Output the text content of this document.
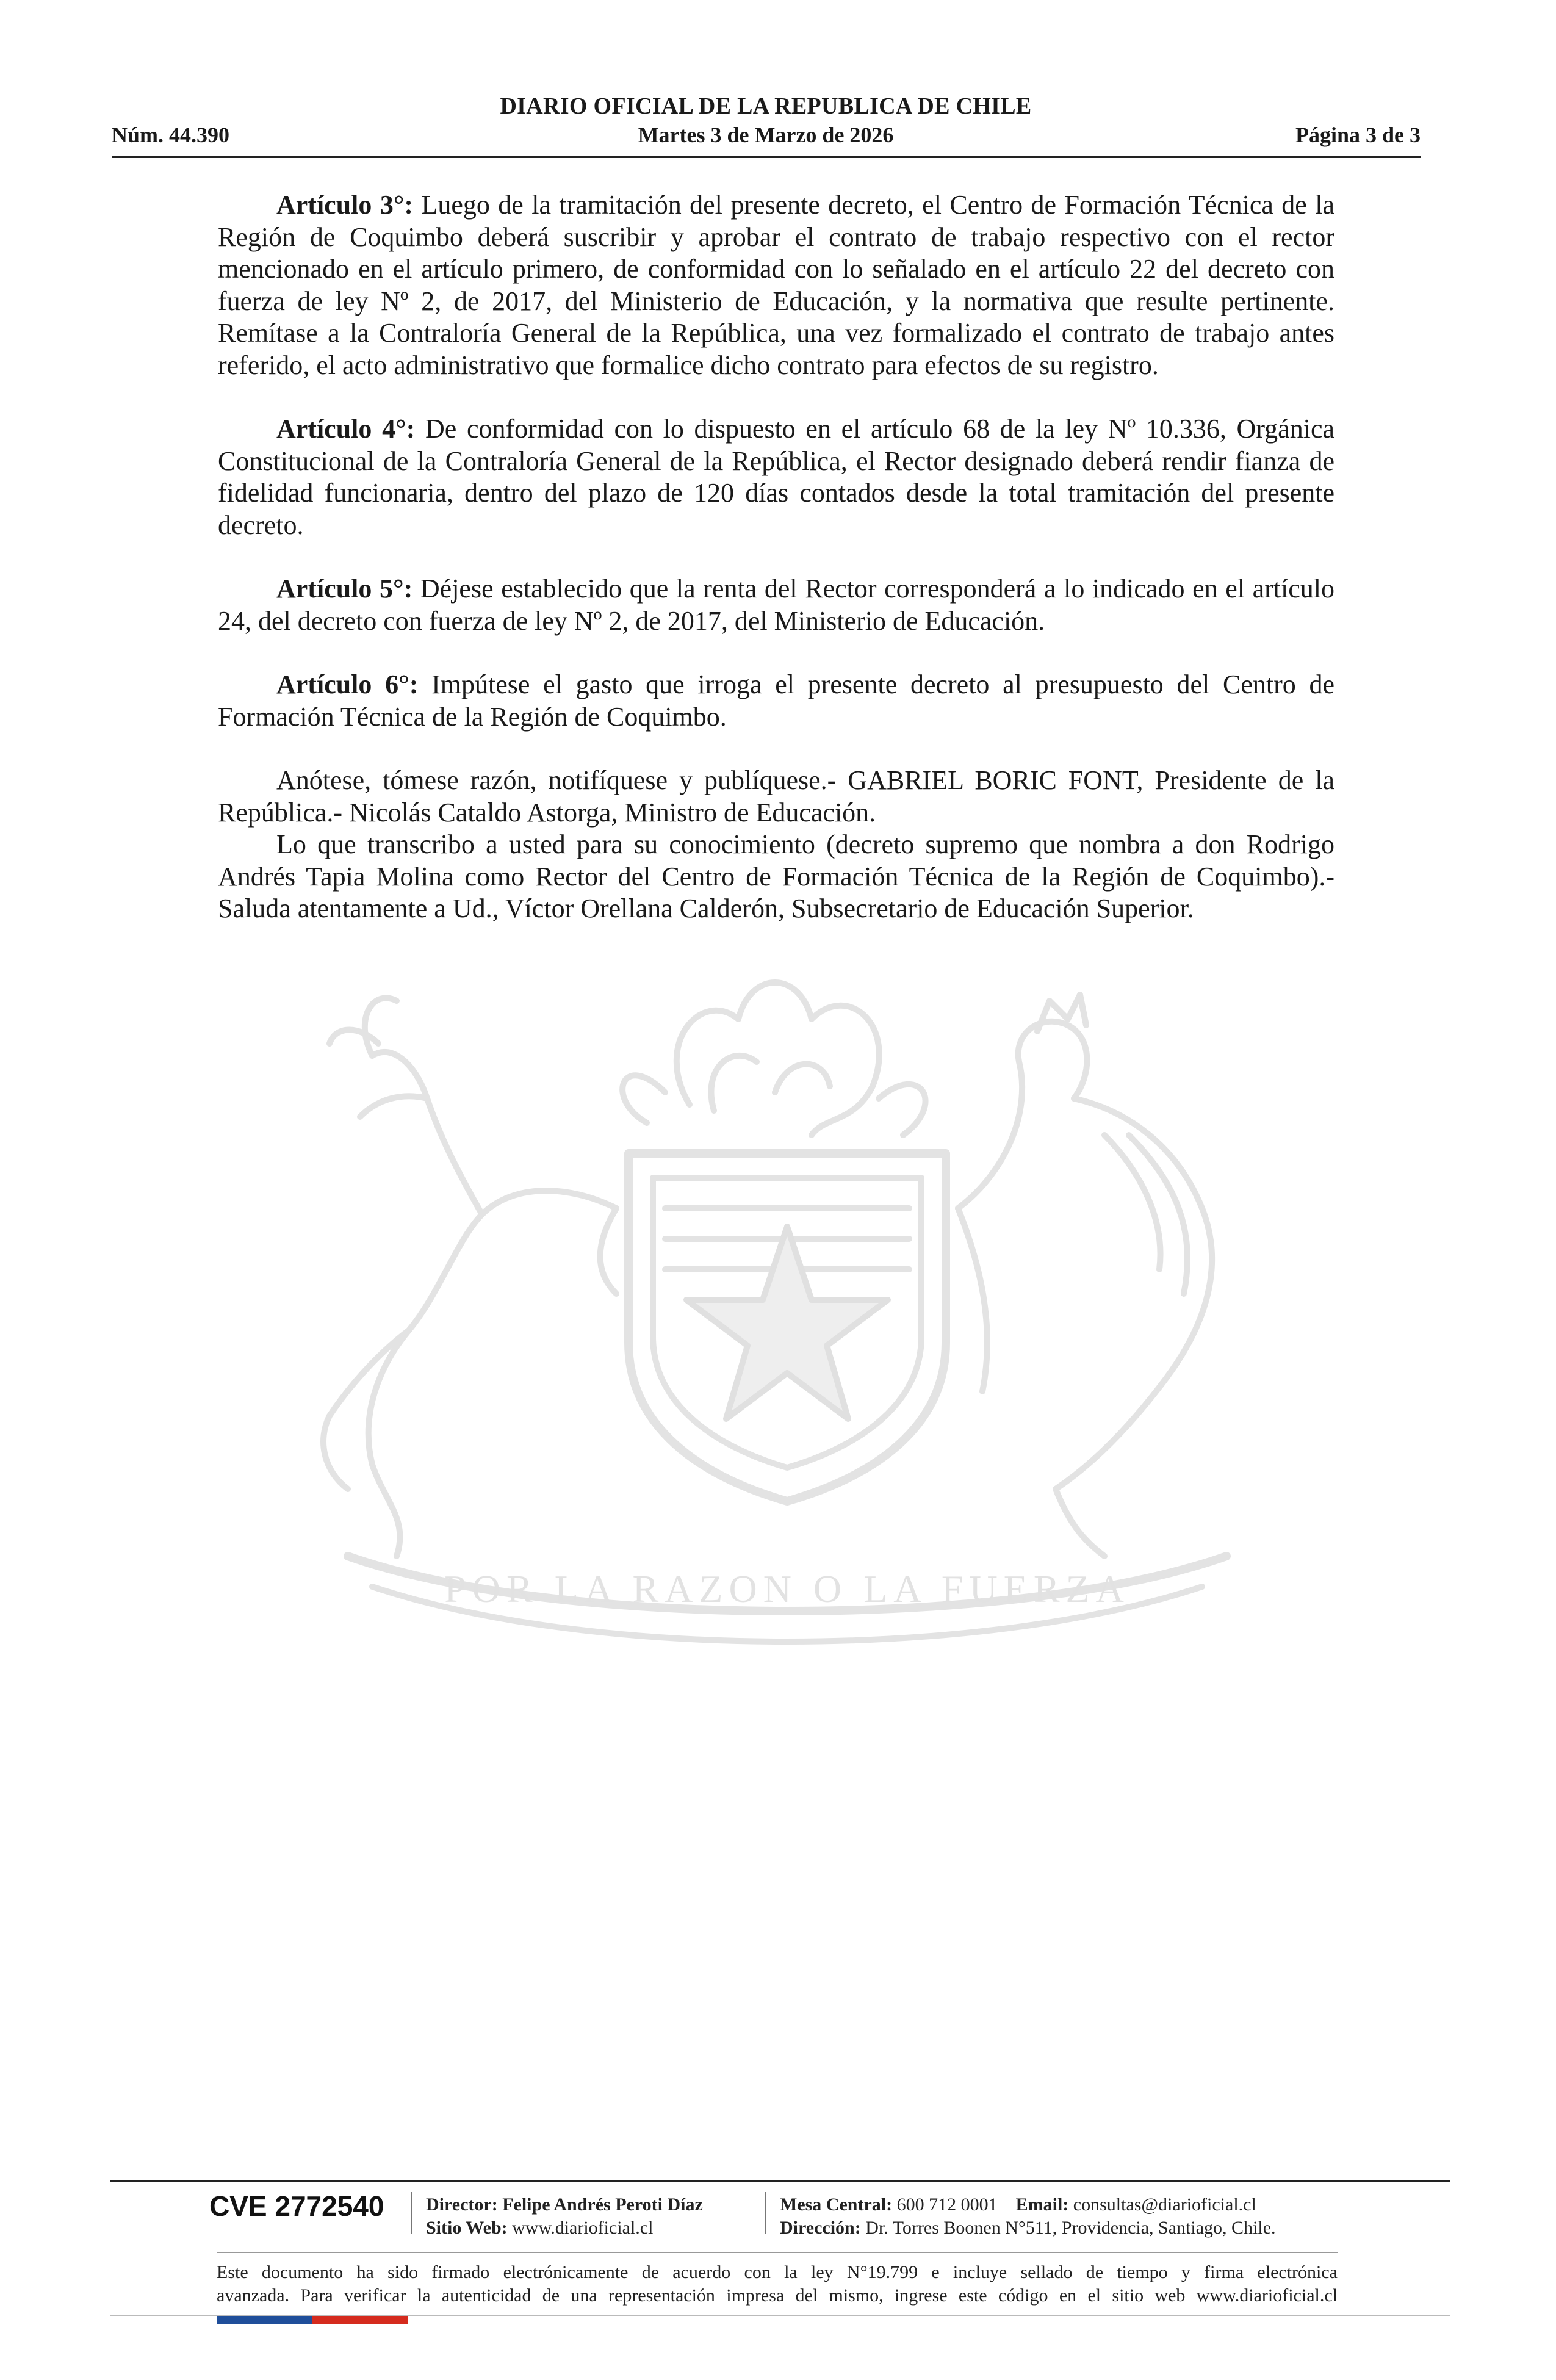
DIARIO OFICIAL DE LA REPUBLICA DE CHILE
Núm. 44.390	Martes 3 de Marzo de 2026	Página 3 de 3
POR LA RAZON O LA FUERZA

Artículo 3°: Luego de la tramitación del presente decreto, el Centro de Formación Técnica de la Región de Coquimbo deberá suscribir y aprobar el contrato de trabajo respectivo con el rector mencionado en el artículo primero, de conformidad con lo señalado en el artículo 22 del decreto con fuerza de ley Nº 2, de 2017, del Ministerio de Educación, y la normativa que resulte pertinente. Remítase a la Contraloría General de la República, una vez formalizado el contrato de trabajo antes referido, el acto administrativo que formalice dicho contrato para efectos de su registro.

Artículo 4°: De conformidad con lo dispuesto en el artículo 68 de la ley Nº 10.336, Orgánica Constitucional de la Contraloría General de la República, el Rector designado deberá rendir fianza de fidelidad funcionaria, dentro del plazo de 120 días contados desde la total tramitación del presente decreto.

Artículo 5°: Déjese establecido que la renta del Rector corresponderá a lo indicado en el artículo 24, del decreto con fuerza de ley Nº 2, de 2017, del Ministerio de Educación.

Artículo 6°: Impútese el gasto que irroga el presente decreto al presupuesto del Centro de Formación Técnica de la Región de Coquimbo.

Anótese, tómese razón, notifíquese y publíquese.- GABRIEL BORIC FONT, Presidente de la República.- Nicolás Cataldo Astorga, Ministro de Educación.

Lo que transcribo a usted para su conocimiento (decreto supremo que nombra a don Rodrigo Andrés Tapia Molina como Rector del Centro de Formación Técnica de la Región de Coquimbo).- Saluda atentamente a Ud., Víctor Orellana Calderón, Subsecretario de Educación Superior.

CVE 2772540 Director: Felipe Andrés Peroti Díaz
Sitio Web: www.diarioficial.cl
Mesa Central: 600 712 0001 Email: consultas@diarioficial.cl
Dirección: Dr. Torres Boonen N°511, Providencia, Santiago, Chile.
Este documento ha sido firmado electrónicamente de acuerdo con la ley N°19.799 e incluye sellado de tiempo y firma electrónica
avanzada. Para verificar la autenticidad de una representación impresa del mismo, ingrese este código en el sitio web www.diarioficial.cl
